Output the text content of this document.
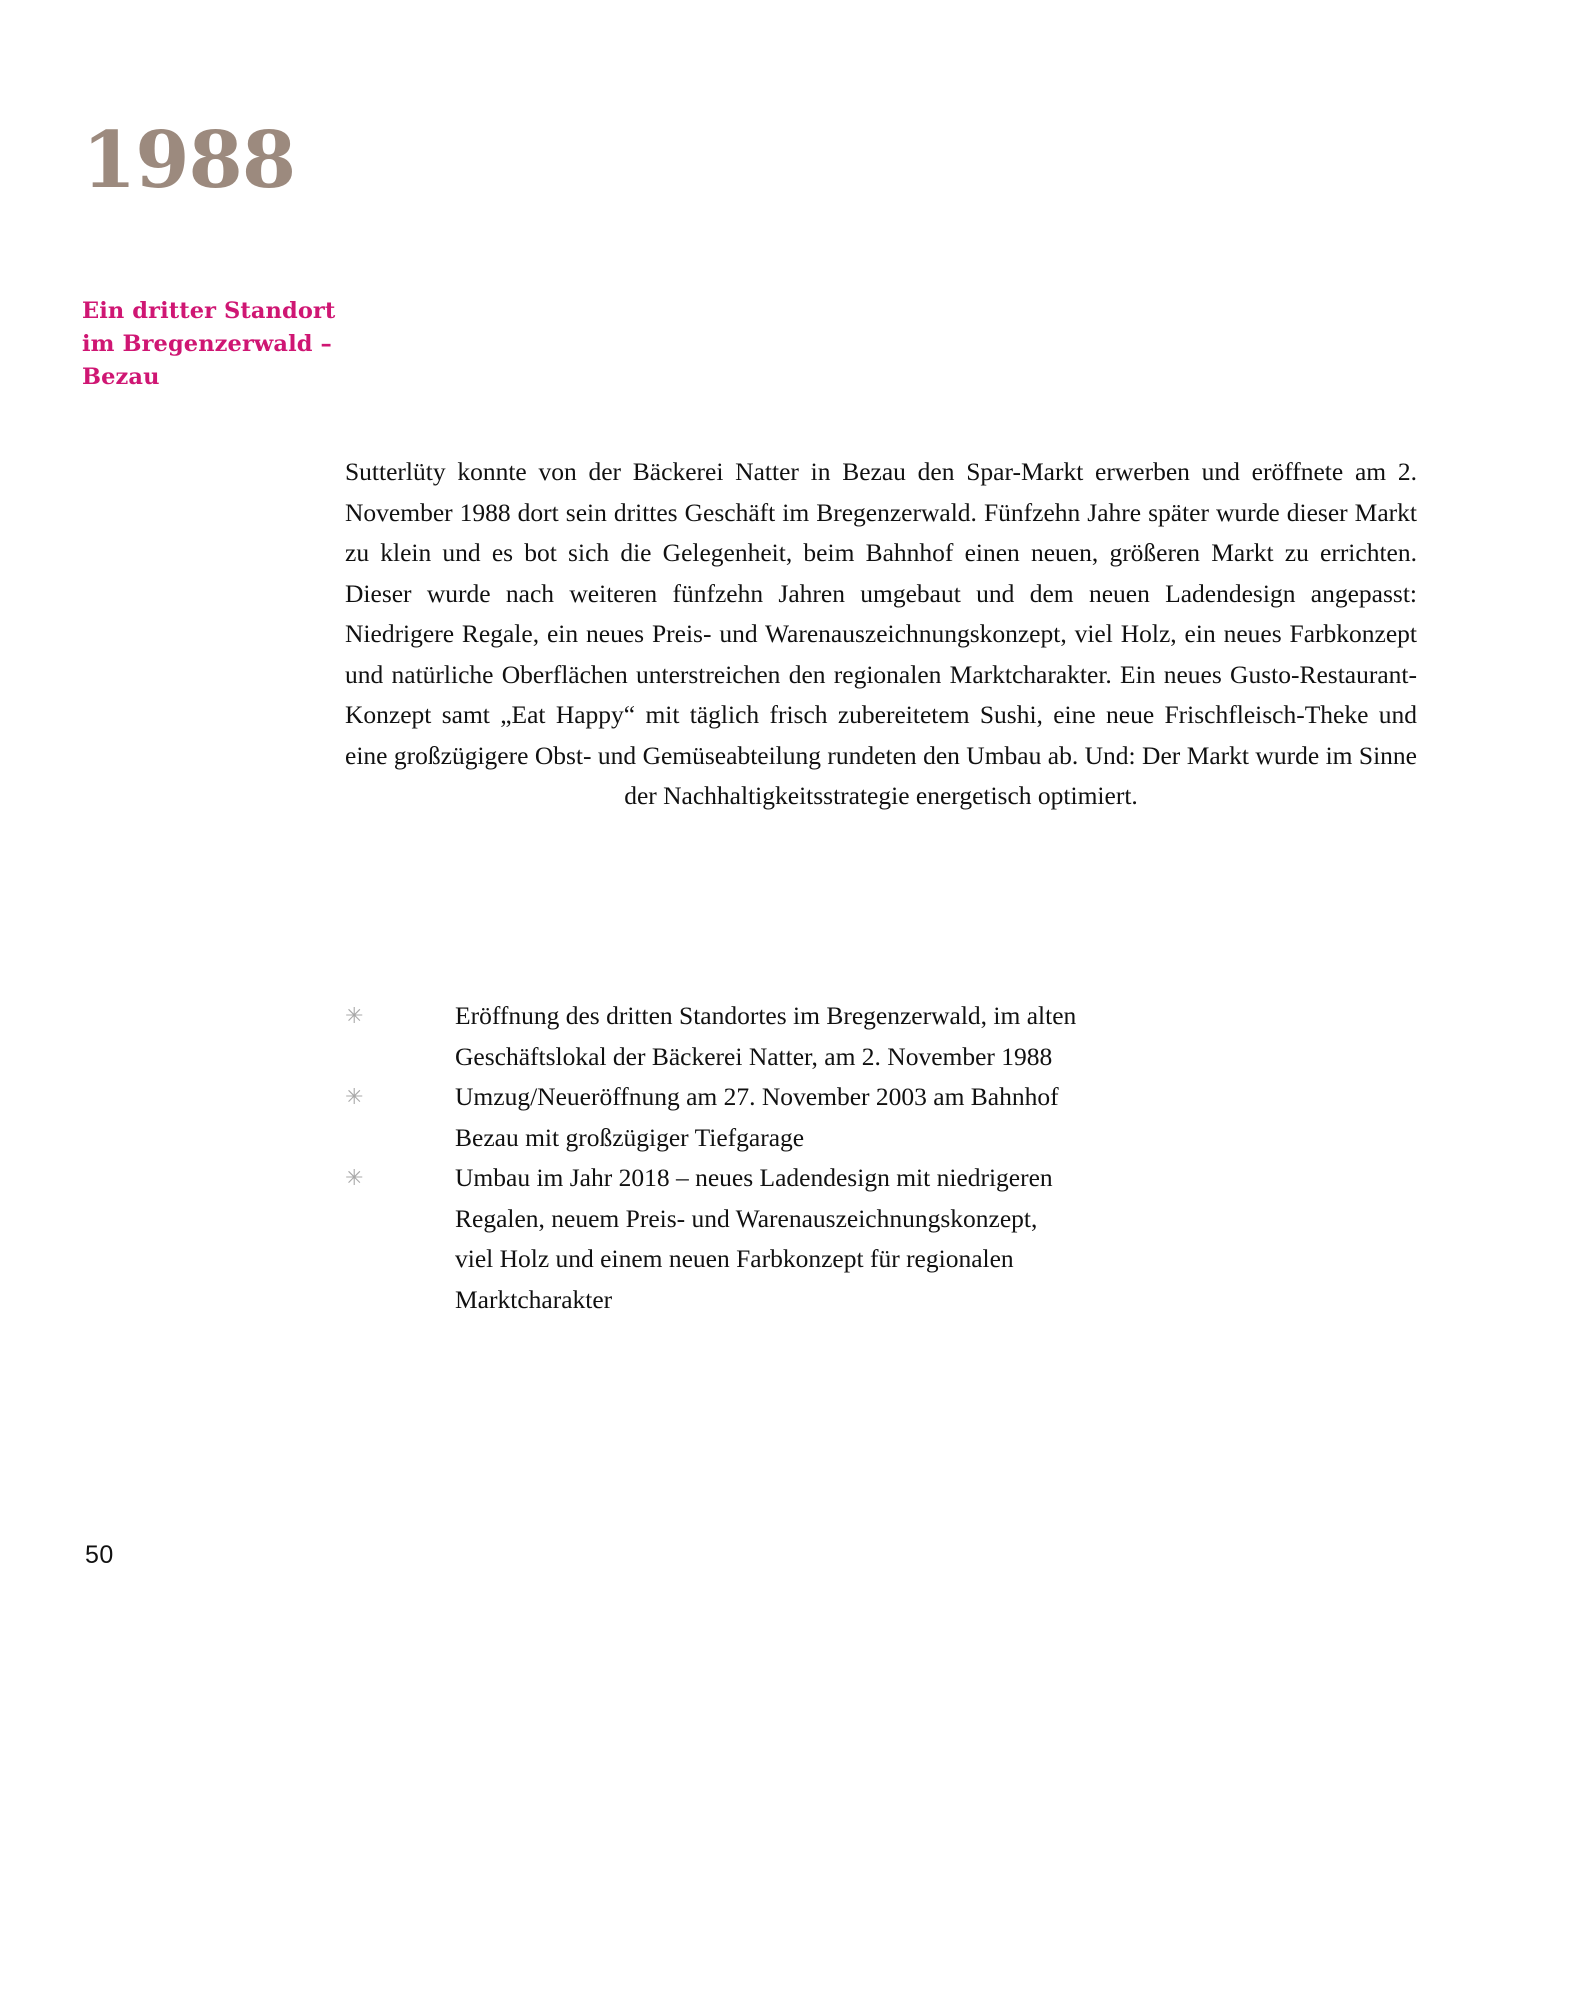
1988
Ein dritter Standort
im Bregenzerwald –
Bezau

Sutterlüty konnte von der Bäckerei Natter in Bezau den Spar-Markt erwerben und eröffnete am 2. November 1988 dort sein drittes Geschäft im Bregenzerwald. Fünfzehn Jahre später wurde dieser Markt zu klein und es bot sich die Gelegenheit, beim Bahnhof einen neuen, größeren Markt zu errichten. Dieser wurde nach weiteren fünfzehn Jahren umgebaut und dem neuen Ladendesign angepasst: Niedrigere Regale, ein neues Preis- und Warenauszeichnungskonzept, viel Holz, ein neues Farbkonzept und natürliche Oberflächen unterstreichen den regionalen Marktcharakter. Ein neues Gusto-Restaurant-Konzept samt „Eat Happy“ mit täglich frisch zubereitetem Sushi, eine neue Frischfleisch-Theke und eine großzügigere Obst- und Gemüseabteilung rundeten den Umbau ab. Und: Der Markt wurde im Sinne der Nachhaltigkeitsstrategie energetisch optimiert.

✳	Eröffnung des dritten Standortes im Bregenzerwald, im alten
Geschäftslokal der Bäckerei Natter, am 2. November 1988
✳	Umzug/Neueröffnung am 27. November 2003 am Bahnhof
Bezau mit großzügiger Tiefgarage
✳	Umbau im Jahr 2018 – neues Ladendesign mit niedrigeren
Regalen, neuem Preis- und Warenauszeichnungskonzept,
viel Holz und einem neuen Farbkonzept für regionalen
Marktcharakter
50
